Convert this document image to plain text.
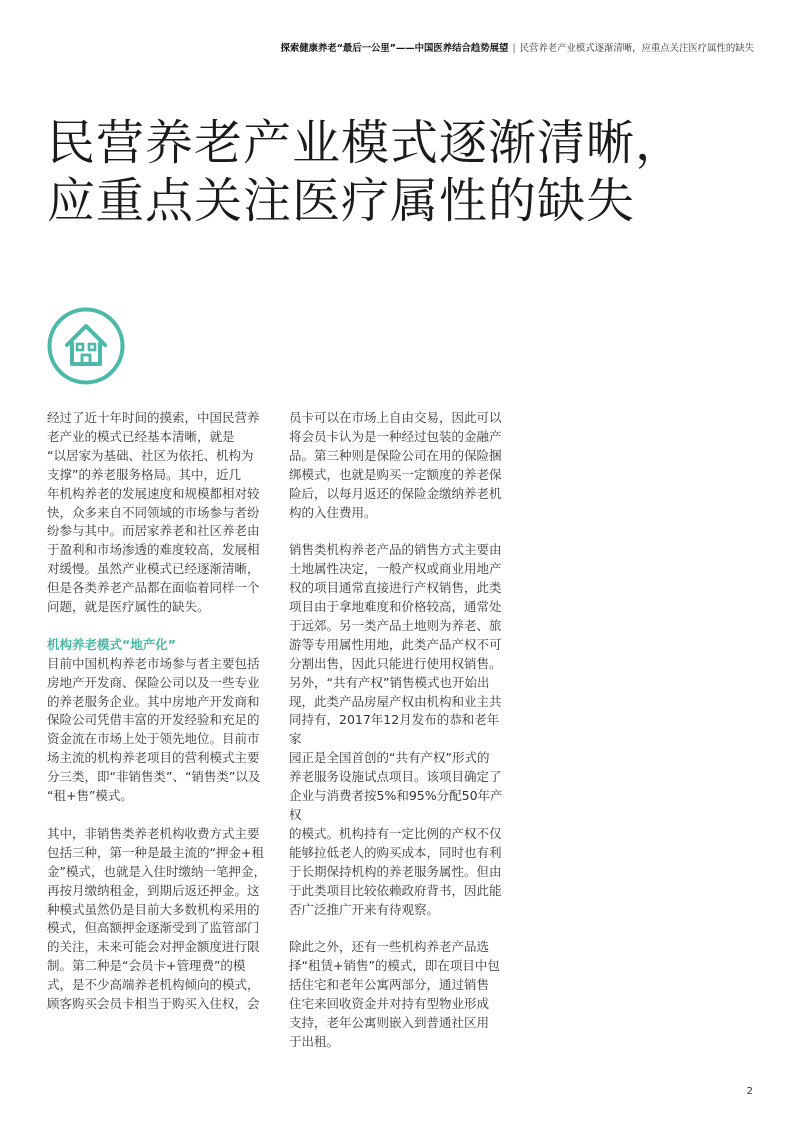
探索健康养老“最后一公里”——中国医养结合趋势展望 | 民营养老产业模式逐渐清晰，应重点关注医疗属性的缺失
民营养老产业模式逐渐清晰，
应重点关注医疗属性的缺失

经过了近十年时间的摸索，中国民营养
老产业的模式已经基本清晰，就是
“以居家为基础、社区为依托、机构为
支撑”的养老服务格局。其中，近几
年机构养老的发展速度和规模都相对较
快，众多来自不同领域的市场参与者纷
纷参与其中。而居家养老和社区养老由
于盈利和市场渗透的难度较高，发展相
对缓慢。虽然产业模式已经逐渐清晰，
但是各类养老产品都在面临着同样一个
问题，就是医疗属性的缺失。

机构养老模式“地产化”

目前中国机构养老市场参与者主要包括
房地产开发商、保险公司以及一些专业
的养老服务企业。其中房地产开发商和
保险公司凭借丰富的开发经验和充足的
资金流在市场上处于领先地位。目前市
场主流的机构养老项目的营利模式主要
分三类，即“非销售类”、“销售类”以及
“租+售”模式。

其中，非销售类养老机构收费方式主要
包括三种，第一种是最主流的“押金+租
金”模式，也就是入住时缴纳一笔押金，
再按月缴纳租金，到期后返还押金。这
种模式虽然仍是目前大多数机构采用的
模式，但高额押金逐渐受到了监管部门
的关注，未来可能会对押金额度进行限
制。第二种是“会员卡+管理费”的模
式，是不少高端养老机构倾向的模式，
顾客购买会员卡相当于购买入住权，会

员卡可以在市场上自由交易，因此可以
将会员卡认为是一种经过包装的金融产
品。第三种则是保险公司在用的保险捆
绑模式，也就是购买一定额度的养老保
险后，以每月返还的保险金缴纳养老机
构的入住费用。

销售类机构养老产品的销售方式主要由
土地属性决定，一般产权或商业用地产
权的项目通常直接进行产权销售，此类
项目由于拿地难度和价格较高，通常处
于远郊。另一类产品土地则为养老、旅
游等专用属性用地，此类产品产权不可
分割出售，因此只能进行使用权销售。
另外，“共有产权”销售模式也开始出
现，此类产品房屋产权由机构和业主共
同持有，2017年12月发布的恭和老年家
园正是全国首创的“共有产权”形式的
养老服务设施试点项目。该项目确定了
企业与消费者按5%和95%分配50年产权
的模式。机构持有一定比例的产权不仅
能够拉低老人的购买成本，同时也有利
于长期保持机构的养老服务属性。但由
于此类项目比较依赖政府背书，因此能
否广泛推广开来有待观察。

除此之外，还有一些机构养老产品选
择“租赁+销售”的模式，即在项目中包
括住宅和老年公寓两部分，通过销售
住宅来回收资金并对持有型物业形成
支持，老年公寓则嵌入到普通社区用
于出租。

2
